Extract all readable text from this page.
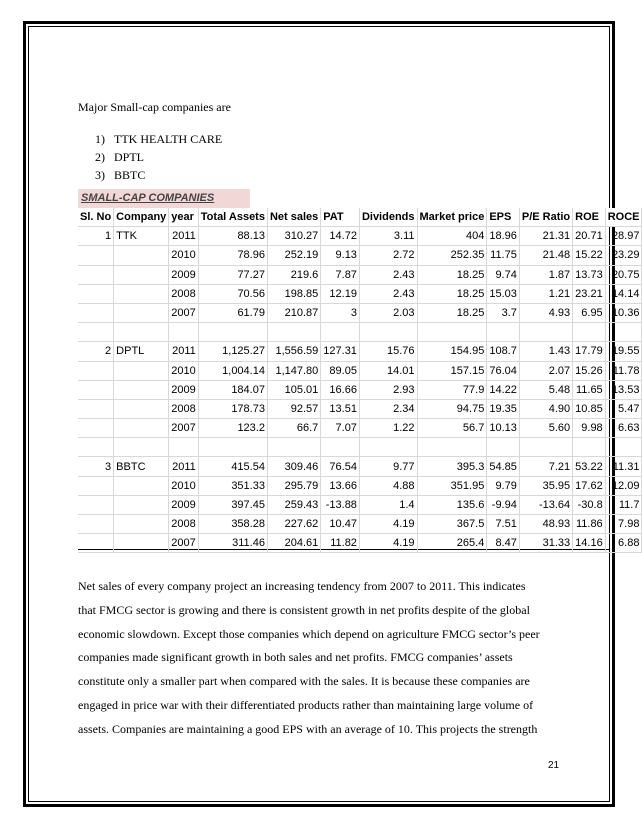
Major Small-cap companies are
1) TTK HEALTH CARE
2) DPTL
3) BBTC
SMALL-CAP COMPANIES
Sl. No	Company	year	Total Assets	Net sales	PAT	Dividends	Market price	EPS	P/E Ratio	ROE	ROCE
1	TTK	2011	88.13	310.27	14.72	3.11	404	18.96	21.31	20.71	28.97
		2010	78.96	252.19	9.13	2.72	252.35	11.75	21.48	15.22	23.29
		2009	77.27	219.6	7.87	2.43	18.25	9.74	1.87	13.73	20.75
		2008	70.56	198.85	12.19	2.43	18.25	15.03	1.21	23.21	14.14
		2007	61.79	210.87	3	2.03	18.25	3.7	4.93	6.95	10.36

2	DPTL	2011	1,125.27	1,556.59	127.31	15.76	154.95	108.7	1.43	17.79	19.55
		2010	1,004.14	1,147.80	89.05	14.01	157.15	76.04	2.07	15.26	11.78
		2009	184.07	105.01	16.66	2.93	77.9	14.22	5.48	11.65	13.53
		2008	178.73	92.57	13.51	2.34	94.75	19.35	4.90	10.85	5.47
		2007	123.2	66.7	7.07	1.22	56.7	10.13	5.60	9.98	6.63

3	BBTC	2011	415.54	309.46	76.54	9.77	395.3	54.85	7.21	53.22	11.31
		2010	351.33	295.79	13.66	4.88	351.95	9.79	35.95	17.62	12.09
		2009	397.45	259.43	-13.88	1.4	135.6	-9.94	-13.64	-30.8	11.7
		2008	358.28	227.62	10.47	4.19	367.5	7.51	48.93	11.86	7.98
		2007	311.46	204.61	11.82	4.19	265.4	8.47	31.33	14.16	6.88

Net sales of every company project an increasing tendency from 2007 to 2011. This indicates

that FMCG sector is growing and there is consistent growth in net profits despite of the global

economic slowdown. Except those companies which depend on agriculture FMCG sector’s peer

companies made significant growth in both sales and net profits. FMCG companies’ assets

constitute only a smaller part when compared with the sales. It is because these companies are

engaged in price war with their differentiated products rather than maintaining large volume of

assets. Companies are maintaining a good EPS with an average of 10. This projects the strength

21
